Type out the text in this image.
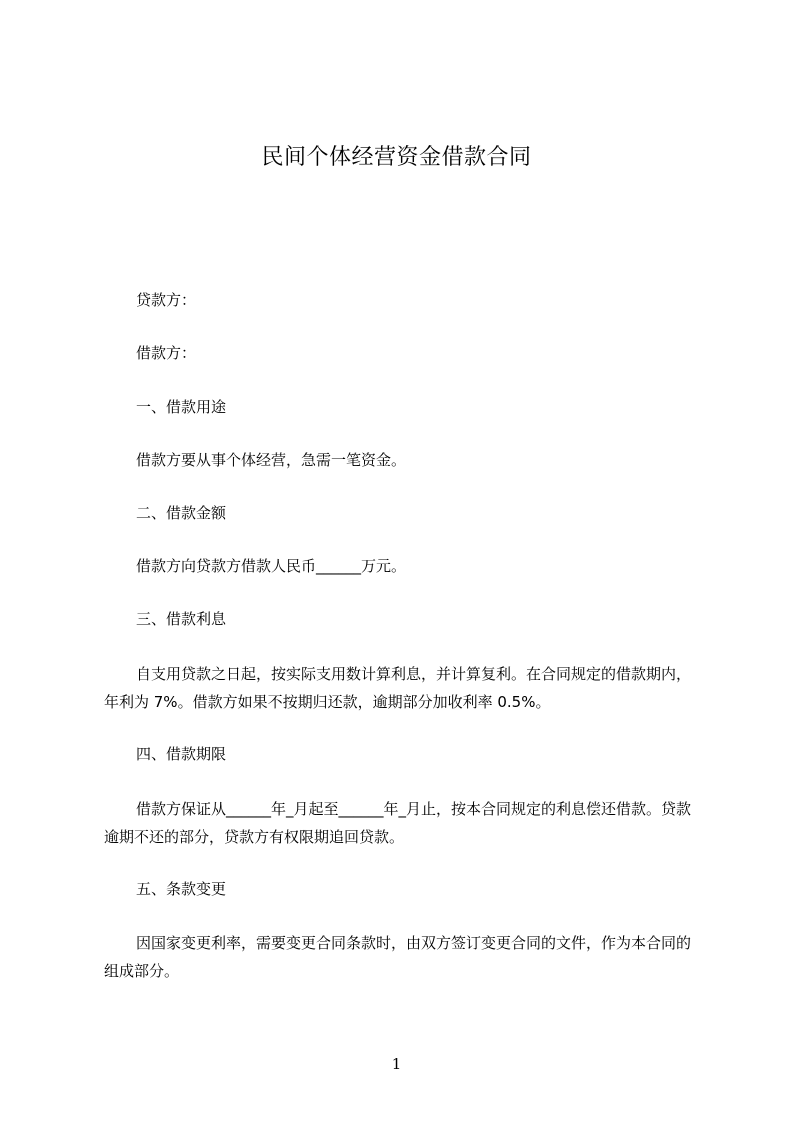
民间个体经营资金借款合同
贷款方：
借款方：
一、借款用途
借款方要从事个体经营，急需一笔资金。
二、借款金额
借款方向贷款方借款人民币______万元。
三、借款利息
自支用贷款之日起，按实际支用数计算利息，并计算复利。在合同规定的借款期内，年利为 7%。借款方如果不按期归还款，逾期部分加收利率 0.5%。
四、借款期限
借款方保证从______年_月起至______年_月止，按本合同规定的利息偿还借款。贷款逾期不还的部分，贷款方有权限期追回贷款。
五、条款变更
因国家变更利率，需要变更合同条款时，由双方签订变更合同的文件，作为本合同的组成部分。
1
